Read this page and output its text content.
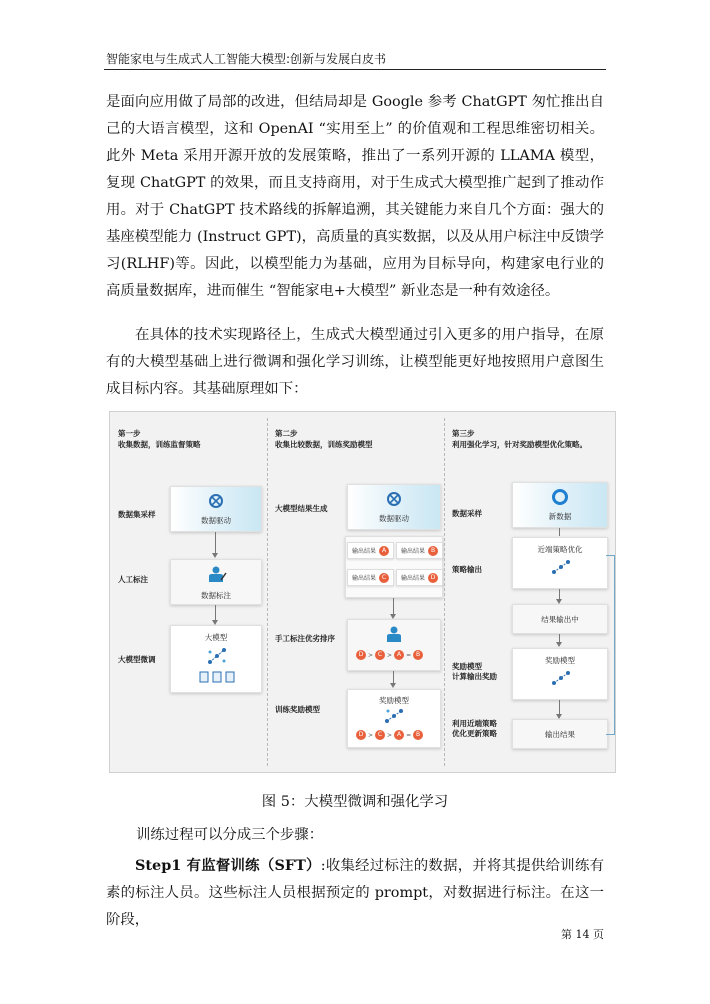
智能家电与生成式人工智能大模型:创新与发展白皮书
是面向应用做了局部的改进，但结局却是 Google 参考 ChatGPT 匆忙推出自己的大语言模型，这和 OpenAI “实用至上” 的价值观和工程思维密切相关。此外 Meta 采用开源开放的发展策略，推出了一系列开源的 LLAMA 模型，复现 ChatGPT 的效果，而且支持商用，对于生成式大模型推广起到了推动作用。对于 ChatGPT 技术路线的拆解追溯，其关键能力来自几个方面：强大的基座模型能力 (Instruct GPT)，高质量的真实数据，以及从用户标注中反馈学习(RLHF)等。因此，以模型能力为基础，应用为目标导向，构建家电行业的高质量数据库，进而催生 “智能家电+大模型” 新业态是一种有效途径。
在具体的技术实现路径上，生成式大模型通过引入更多的用户指导，在原有的大模型基础上进行微调和强化学习训练，让模型能更好地按照用户意图生成目标内容。其基础原理如下：
第一步
收集数据，训练监督策略
数据集采样
人工标注
大模型微调
数据驱动
数据标注
大模型
第二步
收集比较数据，训练奖励模型
大模型结果生成
手工标注优劣排序
训练奖励模型
数据驱动
输出结果 A	输出结果 B
输出结果 C	输出结果 D
D > C > A = B
奖励模型
D > C > A = B
第三步
利用强化学习，针对奖励模型优化策略。
数据采样
策略输出
奖励模型
计算输出奖励
利用近端策略
优化更新策略
新数据
近端策略优化
结果输出中
奖励模型
输出结果
图 5：大模型微调和强化学习
训练过程可以分成三个步骤：
Step1 有监督训练（SFT）:收集经过标注的数据，并将其提供给训练有素的标注人员。这些标注人员根据预定的 prompt，对数据进行标注。在这一阶段，
第 14 页
